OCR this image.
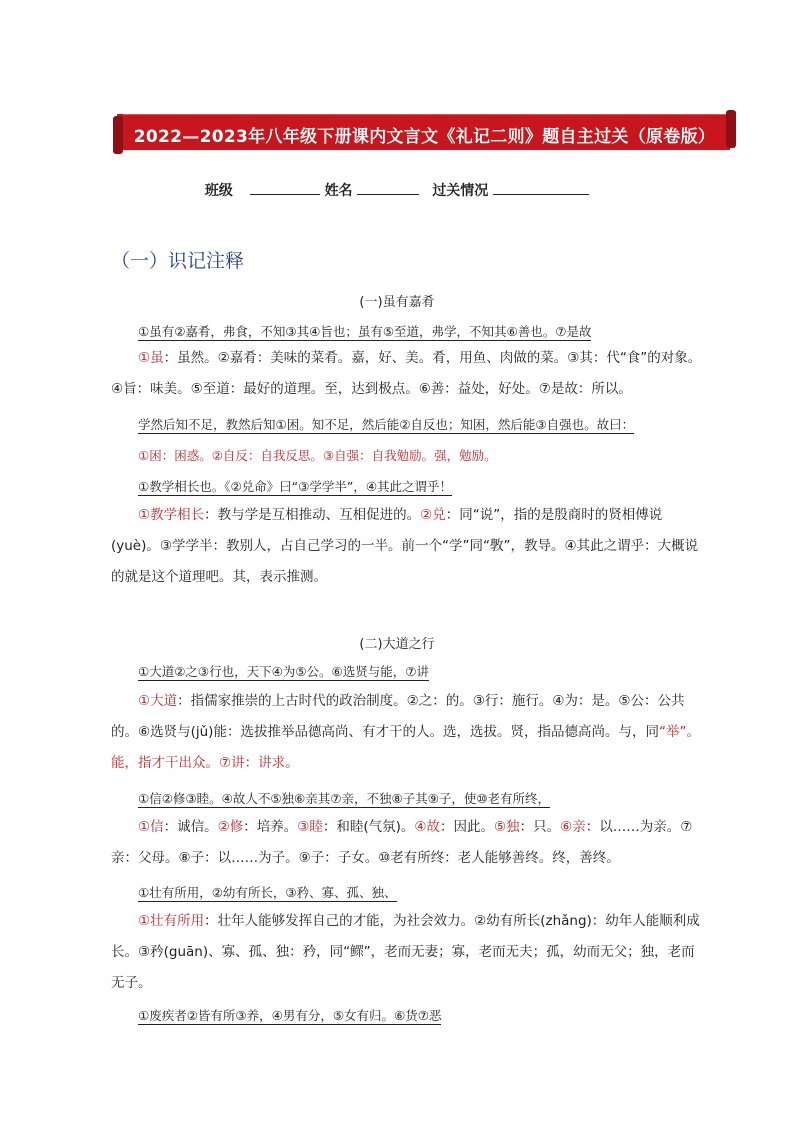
2022—2023年八年级下册课内文言文《礼记二则》题自主过关（原卷版）
班级	姓名	过关情况
（一）识记注释
(一)虽有嘉肴
①虽有②嘉肴，弗食，不知③其④旨也；虽有⑤至道，弗学，不知其⑥善也。⑦是故
①虽：虽然。②嘉肴：美味的菜肴。嘉，好、美。肴，用鱼、肉做的菜。③其：代“食”的对象。④旨：味美。⑤至道：最好的道理。至，达到极点。⑥善：益处，好处。⑦是故：所以。
学然后知不足，教然后知①困。知不足，然后能②自反也；知困，然后能③自强也。故曰：
①困：困惑。②自反：自我反思。③自强：自我勉励。强，勉励。
①教学相长也。《②兑命》曰“③学学半”，④其此之谓乎！
①教学相长：教与学是互相推动、互相促进的。②兑：同“说”，指的是殷商时的贤相傅说(yuè)。③学学半：教别人，占自己学习的一半。前一个“学”同“斆”，教导。④其此之谓乎：大概说的就是这个道理吧。其，表示推测。
(二)大道之行
①大道②之③行也，天下④为⑤公。⑥选贤与能，⑦讲
①大道：指儒家推崇的上古时代的政治制度。②之：的。③行：施行。④为：是。⑤公：公共的。⑥选贤与(jǔ)能：选拔推举品德高尚、有才干的人。选，选拔。贤，指品德高尚。与，同“举”。能，指才干出众。⑦讲：讲求。
①信②修③睦。④故人不⑤独⑥亲其⑦亲，不独⑧子其⑨子，使⑩老有所终，
①信：诚信。②修：培养。③睦：和睦(气氛)。④故：因此。⑤独：只。⑥亲：以……为亲。⑦亲：父母。⑧子：以……为子。⑨子：子女。⑩老有所终：老人能够善终。终，善终。
①壮有所用，②幼有所长，③矜、寡、孤、独、
①壮有所用：壮年人能够发挥自己的才能，为社会效力。②幼有所长(zhǎng)：幼年人能顺利成长。③矜(guān)、寡、孤、独：矜，同“鳏”，老而无妻；寡，老而无夫；孤，幼而无父；独，老而无子。
①废疾者②皆有所③养，④男有分，⑤女有归。⑥货⑦恶
